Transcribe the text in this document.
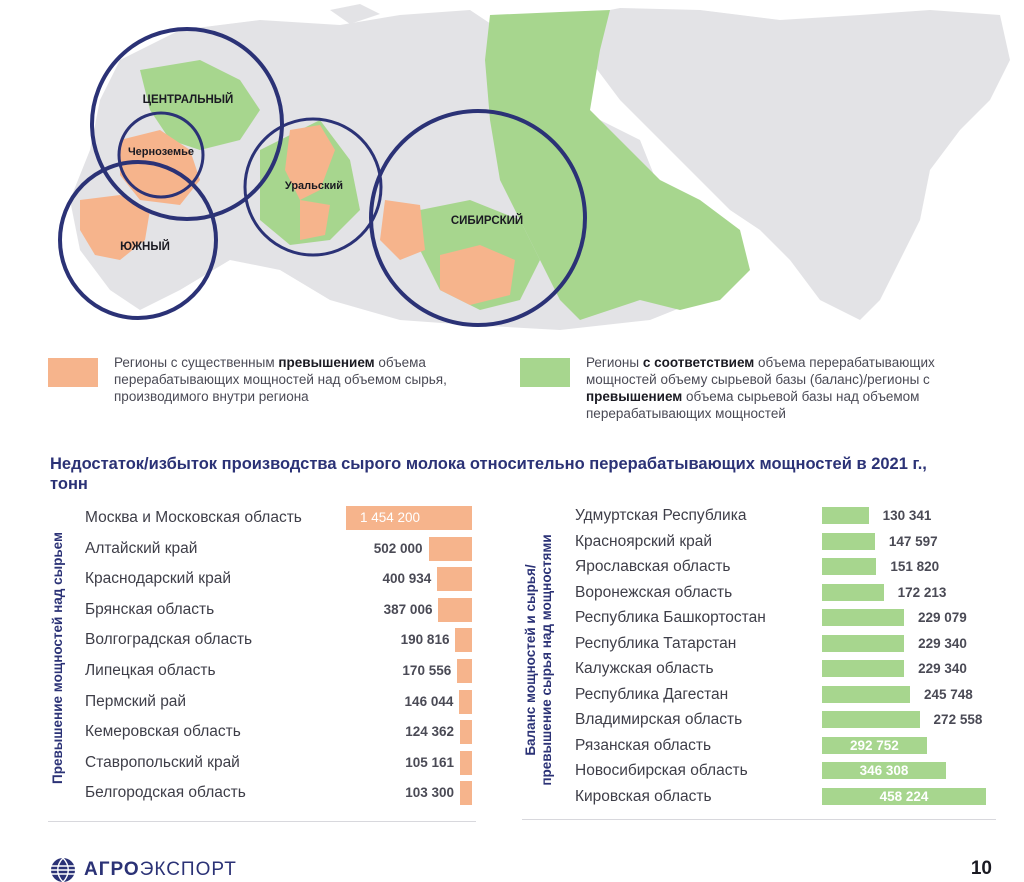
ЦЕНТРАЛЬНЫЙ
Черноземье
Уральский
ЮЖНЫЙ
СИБИРСКИЙ
Регионы с существенным превышением объема перерабатывающих мощностей над объемом сырья, производимого внутри региона
Регионы с соответствием объема перерабатывающих мощностей объему сырьевой базы (баланс)/регионы с превышением объема сырьевой базы над объемом перерабатывающих мощностей
Недостаток/избыток производства сырого молока относительно перерабатывающих мощностей в 2021 г., тонн
Превышение мощностей над сырьем	Баланс мощностей и сырья/
превышение сырья над мощностями
Москва и Московская область	1 454 200
Алтайский край	502 000
Краснодарский край	400 934
Брянская область	387 006
Волгоградская область	190 816
Липецкая область	170 556
Пермский рай	146 044
Кемеровская область	124 362
Ставропольский край	105 161
Белгородская область	103 300
Удмуртская Республика	130 341
Красноярский край	147 597
Ярославская область	151 820
Воронежская область	172 213
Республика Башкортостан	229 079
Республика Татарстан	229 340
Калужская область	229 340
Республика Дагестан	245 748
Владимирская область	272 558
Рязанская область	292 752
Новосибирская область	346 308
Кировская область	458 224
АГРОЭКСПОРТ	10
